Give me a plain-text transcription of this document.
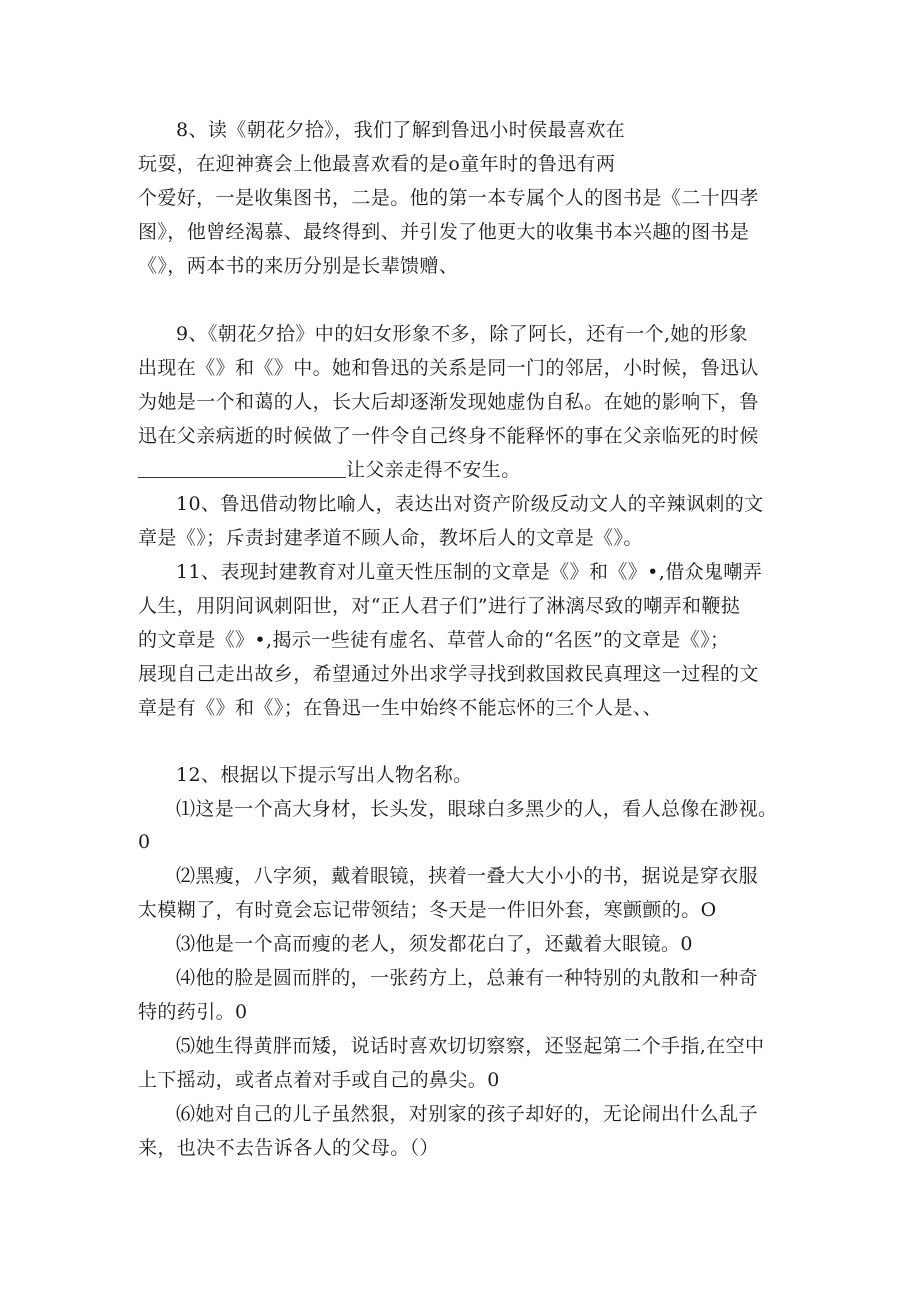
8、读《朝花夕拾》，我们了解到鲁迅小时侯最喜欢在
玩耍，在迎神赛会上他最喜欢看的是o童年时的鲁迅有两
个爱好，一是收集图书，二是。他的第一本专属个人的图书是《二十四孝
图》，他曾经渴慕、最终得到、并引发了他更大的收集书本兴趣的图书是
《》，两本书的来历分别是长辈馈赠、
9、《朝花夕拾》中的妇女形象不多，除了阿长，还有一个,她的形象
出现在《》和《》中。她和鲁迅的关系是同一门的邻居，小时候，鲁迅认
为她是一个和蔼的人，长大后却逐渐发现她虚伪自私。在她的影响下，鲁
迅在父亲病逝的时候做了一件令自己终身不能释怀的事在父亲临死的时候
让父亲走得不安生。
10、鲁迅借动物比喻人，表达出对资产阶级反动文人的辛辣讽刺的文
章是《》；斥责封建孝道不顾人命，教坏后人的文章是《》。
11、表现封建教育对儿童天性压制的文章是《》和《》•,借众鬼嘲弄
人生，用阴间讽刺阳世，对“正人君子们”进行了淋漓尽致的嘲弄和鞭挞
的文章是《》•,揭示一些徒有虚名、草菅人命的“名医”的文章是《》；
展现自己走出故乡，希望通过外出求学寻找到救国救民真理这一过程的文
章是有《》和《》；在鲁迅一生中始终不能忘怀的三个人是、、
12、根据以下提示写出人物名称。
⑴这是一个高大身材，长头发，眼球白多黑少的人，看人总像在渺视。
0
⑵黑瘦，八字须，戴着眼镜，挟着一叠大大小小的书，据说是穿衣服
太模糊了，有时竟会忘记带领结；冬天是一件旧外套，寒颤颤的。O
⑶他是一个高而瘦的老人，须发都花白了，还戴着大眼镜。0
⑷他的脸是圆而胖的，一张药方上，总兼有一种特别的丸散和一种奇
特的药引。0
⑸她生得黄胖而矮，说话时喜欢切切察察，还竖起第二个手指,在空中
上下摇动，或者点着对手或自己的鼻尖。0
⑹她对自己的儿子虽然狠，对别家的孩子却好的，无论闹出什么乱子
来，也决不去告诉各人的父母。（）
